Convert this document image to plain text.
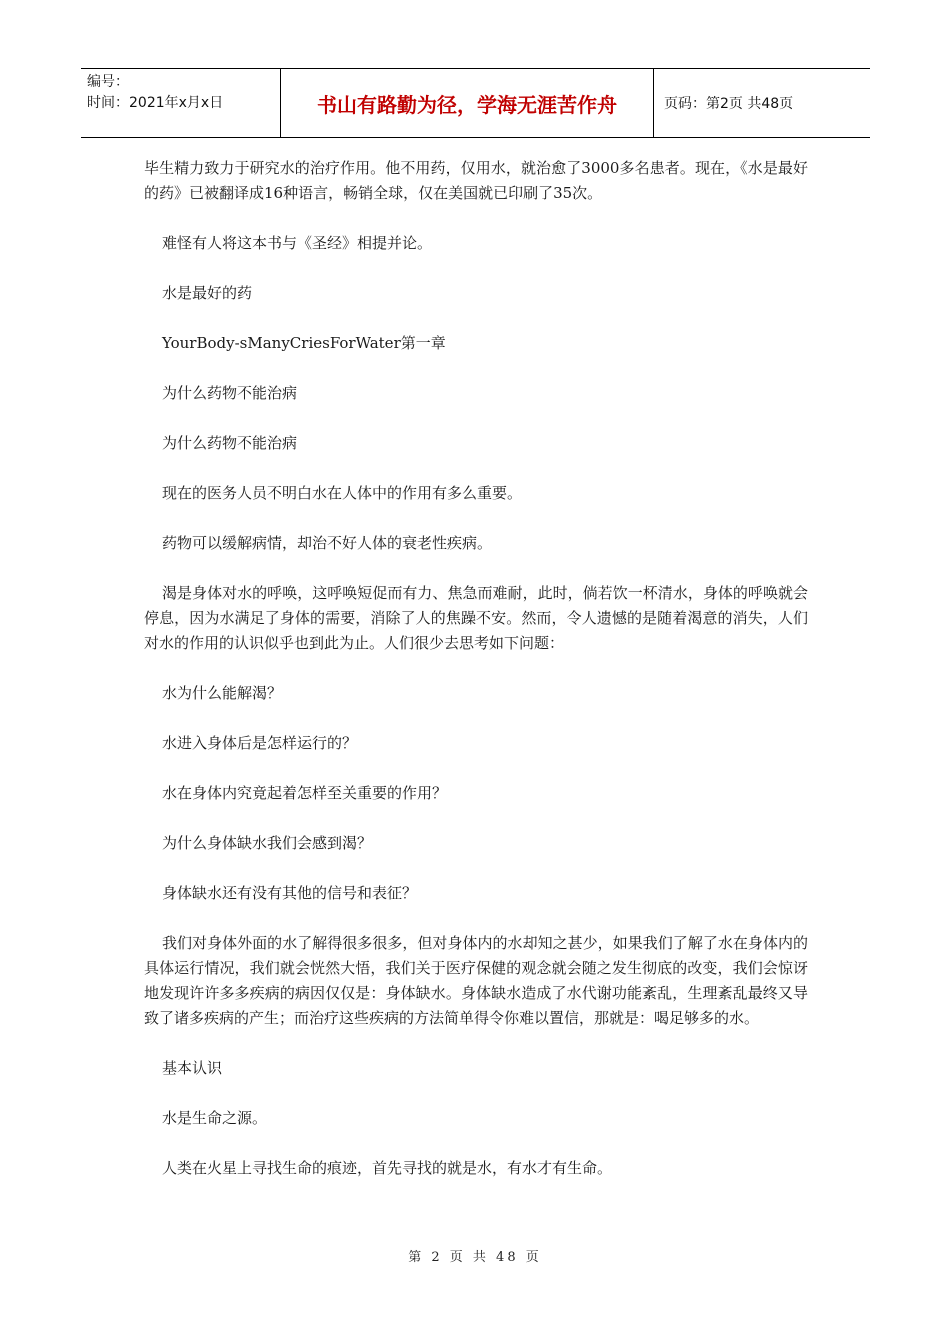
编号：
时间：2021年x月x日	书山有路勤为径，学海无涯苦作舟	页码：第2页 共48页

毕生精力致力于研究水的治疗作用。他不用药，仅用水，就治愈了3000多名患者。现在，《水是最好的药》已被翻译成16种语言，畅销全球，仅在美国就已印刷了35次。

难怪有人将这本书与《圣经》相提并论。

水是最好的药

YourBody-sManyCriesForWater第一章

为什么药物不能治病

为什么药物不能治病

现在的医务人员不明白水在人体中的作用有多么重要。

药物可以缓解病情，却治不好人体的衰老性疾病。

渴是身体对水的呼唤，这呼唤短促而有力、焦急而难耐，此时，倘若饮一杯清水，身体的呼唤就会停息，因为水满足了身体的需要，消除了人的焦躁不安。然而，令人遗憾的是随着渴意的消失，人们对水的作用的认识似乎也到此为止。人们很少去思考如下问题：

水为什么能解渴？

水进入身体后是怎样运行的？

水在身体内究竟起着怎样至关重要的作用？

为什么身体缺水我们会感到渴？

身体缺水还有没有其他的信号和表征？

我们对身体外面的水了解得很多很多，但对身体内的水却知之甚少，如果我们了解了水在身体内的具体运行情况，我们就会恍然大悟，我们关于医疗保健的观念就会随之发生彻底的改变，我们会惊讶地发现许许多多疾病的病因仅仅是：身体缺水。身体缺水造成了水代谢功能紊乱，生理紊乱最终又导致了诸多疾病的产生；而治疗这些疾病的方法简单得令你难以置信，那就是：喝足够多的水。

基本认识

水是生命之源。

人类在火星上寻找生命的痕迹，首先寻找的就是水，有水才有生命。

第 2 页 共 48 页
